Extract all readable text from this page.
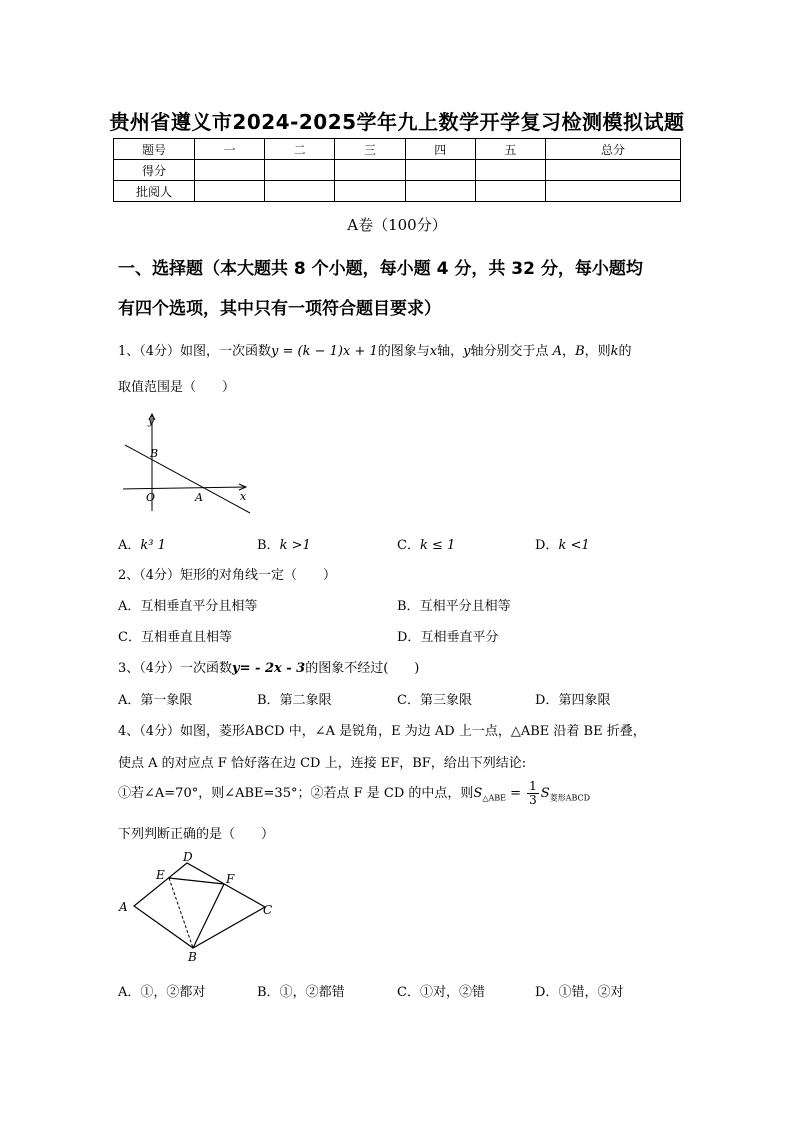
贵州省遵义市2024-2025学年九上数学开学复习检测模拟试题
题号	一	二	三	四	五	总分
得分						
批阅人						
A卷（100分）
一、选择题（本大题共 8 个小题，每小题 4 分，共 32 分，每小题均
有四个选项，其中只有一项符合题目要求）
1、（4分）如图，一次函数y = (k − 1)x + 1的图象与x轴，y轴分别交于点 A，B，则k的
取值范围是（　　）
y
B
O	A	x
A．k³ 1	B．k >1	C．k ≤ 1	D．k <1
2、（4分）矩形的对角线一定（　　）
A．互相垂直平分且相等	B．互相平分且相等
C．互相垂直且相等	D．互相垂直平分
3、（4分）一次函数y= - 2x - 3的图象不经过(　　)
A．第一象限	B．第二象限	C．第三象限	D．第四象限
4、（4分）如图，菱形ABCD 中，∠A 是锐角，E 为边 AD 上一点，△ABE 沿着 BE 折叠，
使点 A 的对应点 F 恰好落在边 CD 上，连接 EF，BF，给出下列结论:
①若∠A=70°，则∠ABE=35°；②若点 F 是 CD 的中点，则$S_{\triangle ABE} = \frac{1}{3} S_{菱形ABCD}$
下列判断正确的是（　　）
D
E	F
A	C
B
A．①，②都对	B．①，②都错	C．①对，②错	D．①错，②对
